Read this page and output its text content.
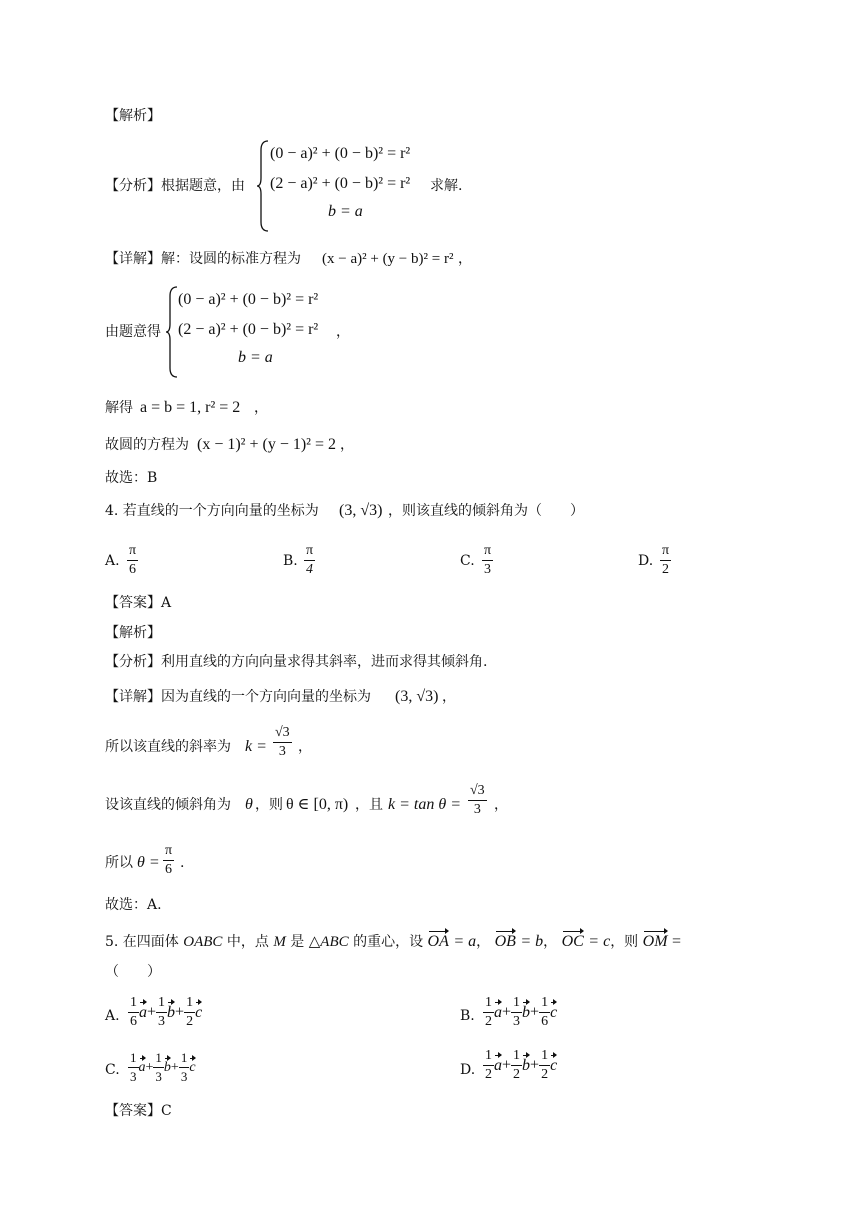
【解析】
【分析】根据题意，由
(0 − a)² + (0 − b)² = r²
(2 − a)² + (0 − b)² = r²
b = a
求解.
【详解】解：设圆的标准方程为 (x − a)² + (y − b)² = r² ，
由题意得
(0 − a)² + (0 − b)² = r²
(2 − a)² + (0 − b)² = r²
b = a
，
解得 a = b = 1, r² = 2 ，
故圆的方程为 (x − 1)² + (y − 1)² = 2 ，
故选：B
4. 若直线的一个方向向量的坐标为 (3, √3) ，则该直线的倾斜角为（　　）
A. $\frac{\pi}{6}$	B. $\frac{\pi}{4}$	C. $\frac{\pi}{3}$	D. $\frac{\pi}{2}$
【答案】A
【解析】
【分析】利用直线的方向向量求得其斜率，进而求得其倾斜角.
【详解】因为直线的一个方向向量的坐标为 (3, √3) ，
所以该直线的斜率为 $k = \frac{√3}{3}$ ，
设该直线的倾斜角为 θ ，则 θ ∈ [0, π) ，且 $k = \tan \theta = \frac{√3}{3}$ ，
所以 $\theta = \frac{\pi}{6}$ .
故选：A.
5. 在四面体 OABC 中，点 M 是 △ABC 的重心，设 OA = a， OB = b， OC = c，则 OM =
（　　）
A. $\frac{1}{6} a+ \frac{1}{3} b+ \frac{1}{2}$ c	B. $\frac{1}{2} a+ \frac{1}{3} b+ \frac{1}{6}$ c
C. $\frac{1}{3} a+ \frac{1}{3} b+ \frac{1}{3}$ c	D. $\frac{1}{2} a+ \frac{1}{2} b+ \frac{1}{2}$ c
【答案】C
